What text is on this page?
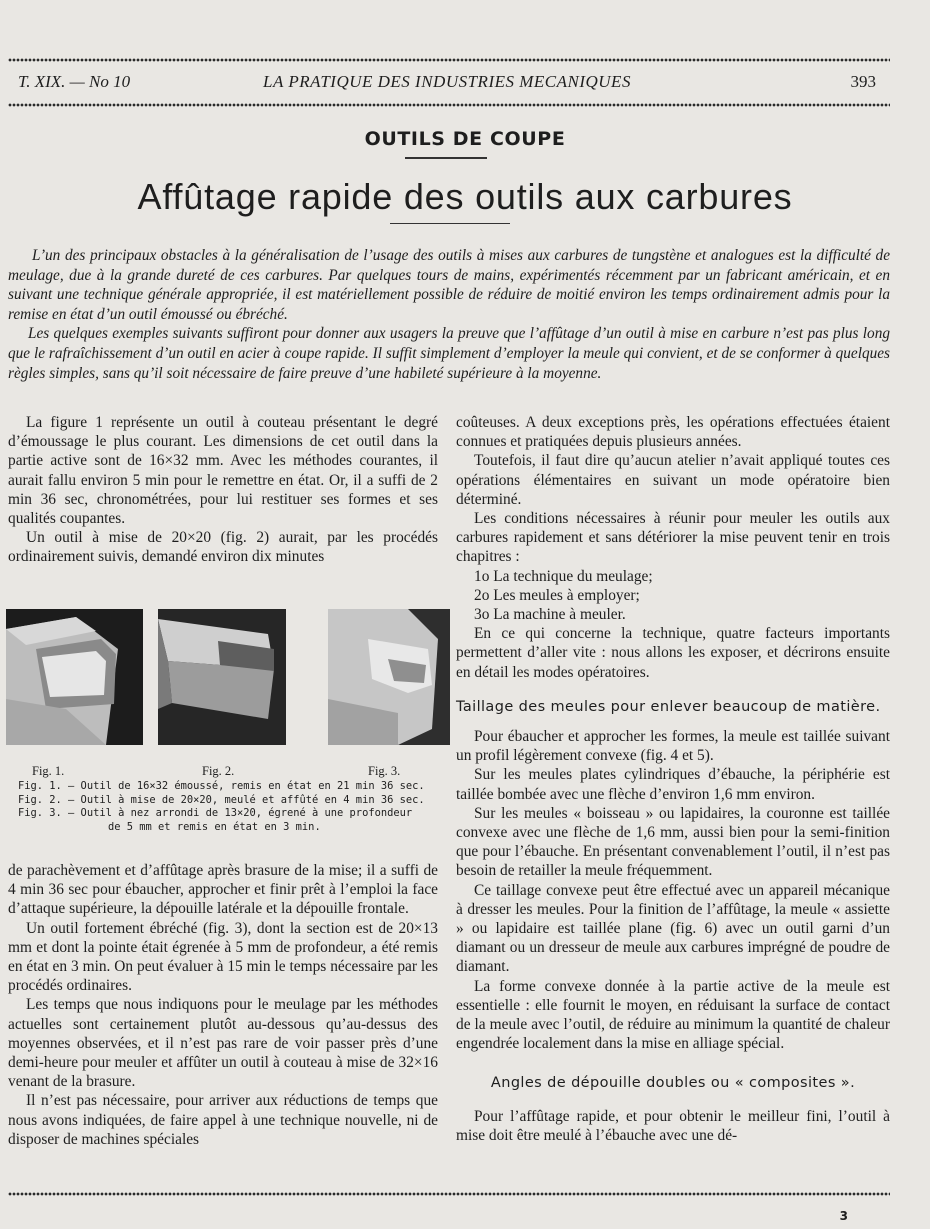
T. XIX. — No 10	LA PRATIQUE DES INDUSTRIES MECANIQUES	393
OUTILS DE COUPE
Affûtage rapide des outils aux carbures

L’un des principaux obstacles à la généralisation de l’usage des outils à mises aux carbures de tungstène et analogues est la difficulté de meulage, due à la grande dureté de ces carbures. Par quelques tours de mains, expérimentés récemment par un fabricant américain, et en suivant une technique générale appropriée, il est matériellement possible de réduire de moitié environ les temps ordinairement admis pour la remise en état d’un outil émoussé ou ébréché.

Les quelques exemples suivants suffiront pour donner aux usagers la preuve que l’affûtage d’un outil à mise en carbure n’est pas plus long que le rafraîchissement d’un outil en acier à coupe rapide. Il suffit simplement d’employer la meule qui convient, et de se conformer à quelques règles simples, sans qu’il soit nécessaire de faire preuve d’une habileté supérieure à la moyenne.

La figure 1 représente un outil à couteau présentant le degré d’émoussage le plus courant. Les dimensions de cet outil dans la partie active sont de 16×32 mm. Avec les méthodes courantes, il aurait fallu environ 5 min pour le remettre en état. Or, il a suffi de 2 min 36 sec, chronométrées, pour lui restituer ses formes et ses qualités coupantes.

Un outil à mise de 20×20 (fig. 2) aurait, par les procédés ordinairement suivis, demandé environ dix minutes

Fig. 1.	Fig. 2.	Fig. 3.
Fig. 1. — Outil de 16×32 émoussé, remis en état en 21 min 36 sec.
Fig. 2. — Outil à mise de 20×20, meulé et affûté en 4 min 36 sec.
Fig. 3. — Outil à nez arrondi de 13×20, égrené à une profondeur
de 5 mm et remis en état en 3 min.

de parachèvement et d’affûtage après brasure de la mise; il a suffi de 4 min 36 sec pour ébaucher, approcher et finir prêt à l’emploi la face d’attaque supérieure, la dépouille latérale et la dépouille frontale.

Un outil fortement ébréché (fig. 3), dont la section est de 20×13 mm et dont la pointe était égrenée à 5 mm de profondeur, a été remis en état en 3 min. On peut évaluer à 15 min le temps nécessaire par les procédés ordinaires.

Les temps que nous indiquons pour le meulage par les méthodes actuelles sont certainement plutôt au-dessous qu’au-dessus des moyennes observées, et il n’est pas rare de voir passer près d’une demi-heure pour meuler et affûter un outil à couteau à mise de 32×16 venant de la brasure.

Il n’est pas nécessaire, pour arriver aux réductions de temps que nous avons indiquées, de faire appel à une technique nouvelle, ni de disposer de machines spéciales

coûteuses. A deux exceptions près, les opérations effectuées étaient connues et pratiquées depuis plusieurs années.

Toutefois, il faut dire qu’aucun atelier n’avait appliqué toutes ces opérations élémentaires en suivant un mode opératoire bien déterminé.

Les conditions nécessaires à réunir pour meuler les outils aux carbures rapidement et sans détériorer la mise peuvent tenir en trois chapitres :

1o La technique du meulage;

2o Les meules à employer;

3o La machine à meuler.

En ce qui concerne la technique, quatre facteurs importants permettent d’aller vite : nous allons les exposer, et décrirons ensuite en détail les modes opératoires.

Taillage des meules pour enlever beaucoup de matière.

Pour ébaucher et approcher les formes, la meule est taillée suivant un profil légèrement convexe (fig. 4 et 5).

Sur les meules plates cylindriques d’ébauche, la périphérie est taillée bombée avec une flèche d’environ 1,6 mm environ.

Sur les meules « boisseau » ou lapidaires, la couronne est taillée convexe avec une flèche de 1,6 mm, aussi bien pour la semi-finition que pour l’ébauche. En présentant convenablement l’outil, il n’est pas besoin de retailler la meule fréquemment.

Ce taillage convexe peut être effectué avec un appareil mécanique à dresser les meules. Pour la finition de l’affûtage, la meule « assiette » ou lapidaire est taillée plane (fig. 6) avec un outil garni d’un diamant ou un dresseur de meule aux carbures imprégné de poudre de diamant.

La forme convexe donnée à la partie active de la meule est essentielle : elle fournit le moyen, en réduisant la surface de contact de la meule avec l’outil, de réduire au minimum la quantité de chaleur engendrée localement dans la mise en alliage spécial.

Angles de dépouille doubles ou « composites ».

Pour l’affûtage rapide, et pour obtenir le meilleur fini, l’outil à mise doit être meulé à l’ébauche avec une dé-

3
